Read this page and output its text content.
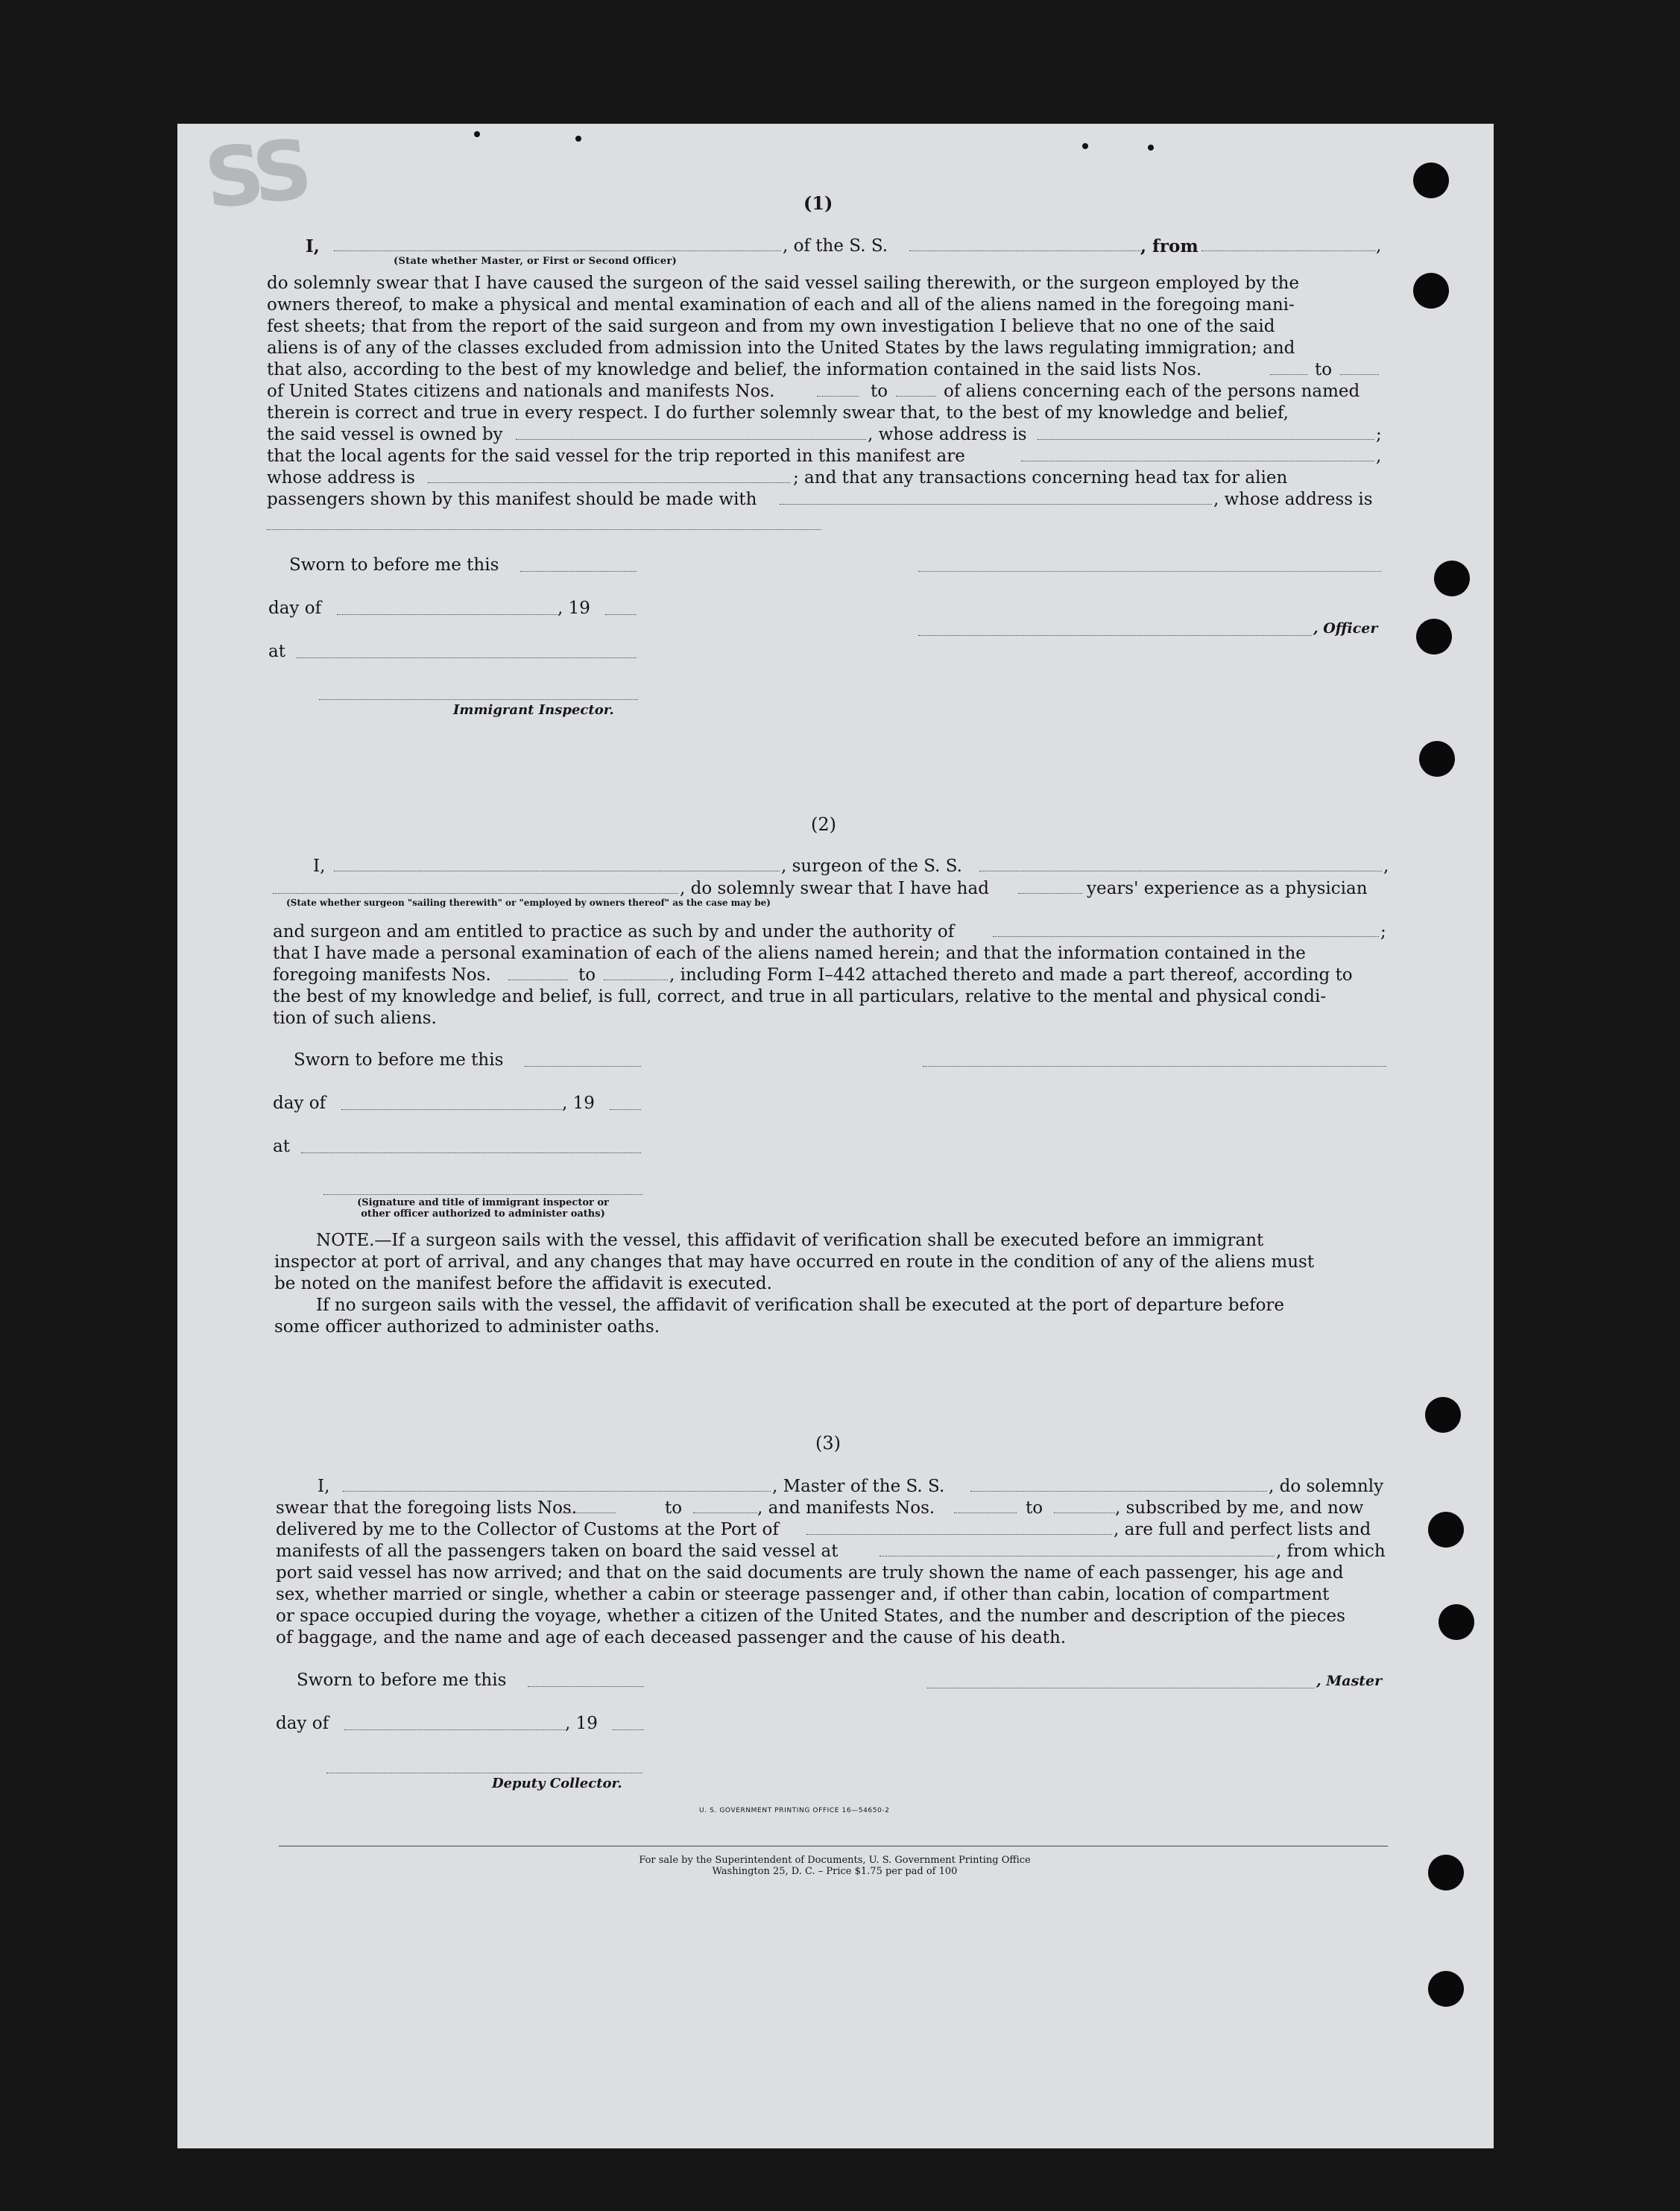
SS	(1)
I,	, of the S. S.	, from	,
(State whether Master, or First or Second Officer)
do solemnly swear that I have caused the surgeon of the said vessel sailing therewith, or the surgeon employed by the
owners thereof, to make a physical and mental examination of each and all of the aliens named in the foregoing mani-
fest sheets; that from the report of the said surgeon and from my own investigation I believe that no one of the said
aliens is of any of the classes excluded from admission into the United States by the laws regulating immigration; and
that also, according to the best of my knowledge and belief, the information contained in the said lists Nos.	to
of United States citizens and nationals and manifests Nos.	to	of aliens concerning each of the persons named
therein is correct and true in every respect. I do further solemnly swear that, to the best of my knowledge and belief,
the said vessel is owned by	, whose address is	;
that the local agents for the said vessel for the trip reported in this manifest are	,
whose address is	; and that any transactions concerning head tax for alien
passengers shown by this manifest should be made with	, whose address is
Sworn to before me this
day of	, 19
, Officer
at
Immigrant Inspector.
(2)
I,	, surgeon of the S. S.	,
, do solemnly swear that I have had	years' experience as a physician
(State whether surgeon "sailing therewith" or "employed by owners thereof" as the case may be)
and surgeon and am entitled to practice as such by and under the authority of	;
that I have made a personal examination of each of the aliens named herein; and that the information contained in the
foregoing manifests Nos.	to	, including Form I–442 attached thereto and made a part thereof, according to
the best of my knowledge and belief, is full, correct, and true in all particulars, relative to the mental and physical condi-
tion of such aliens.
Sworn to before me this
day of	, 19
at
(Signature and title of immigrant inspector or
other officer authorized to administer oaths)
NOTE.—If a surgeon sails with the vessel, this affidavit of verification shall be executed before an immigrant
inspector at port of arrival, and any changes that may have occurred en route in the condition of any of the aliens must
be noted on the manifest before the affidavit is executed.
If no surgeon sails with the vessel, the affidavit of verification shall be executed at the port of departure before
some officer authorized to administer oaths.
(3)
I,	, Master of the S. S.	, do solemnly
swear that the foregoing lists Nos.	to	, and manifests Nos.	to	, subscribed by me, and now
delivered by me to the Collector of Customs at the Port of	, are full and perfect lists and
manifests of all the passengers taken on board the said vessel at	, from which
port said vessel has now arrived; and that on the said documents are truly shown the name of each passenger, his age and
sex, whether married or single, whether a cabin or steerage passenger and, if other than cabin, location of compartment
or space occupied during the voyage, whether a citizen of the United States, and the number and description of the pieces
of baggage, and the name and age of each deceased passenger and the cause of his death.
Sworn to before me this	, Master
day of	, 19
Deputy Collector.
U. S. GOVERNMENT PRINTING OFFICE 16—54650-2
For sale by the Superintendent of Documents, U. S. Government Printing Office
Washington 25, D. C. – Price $1.75 per pad of 100
